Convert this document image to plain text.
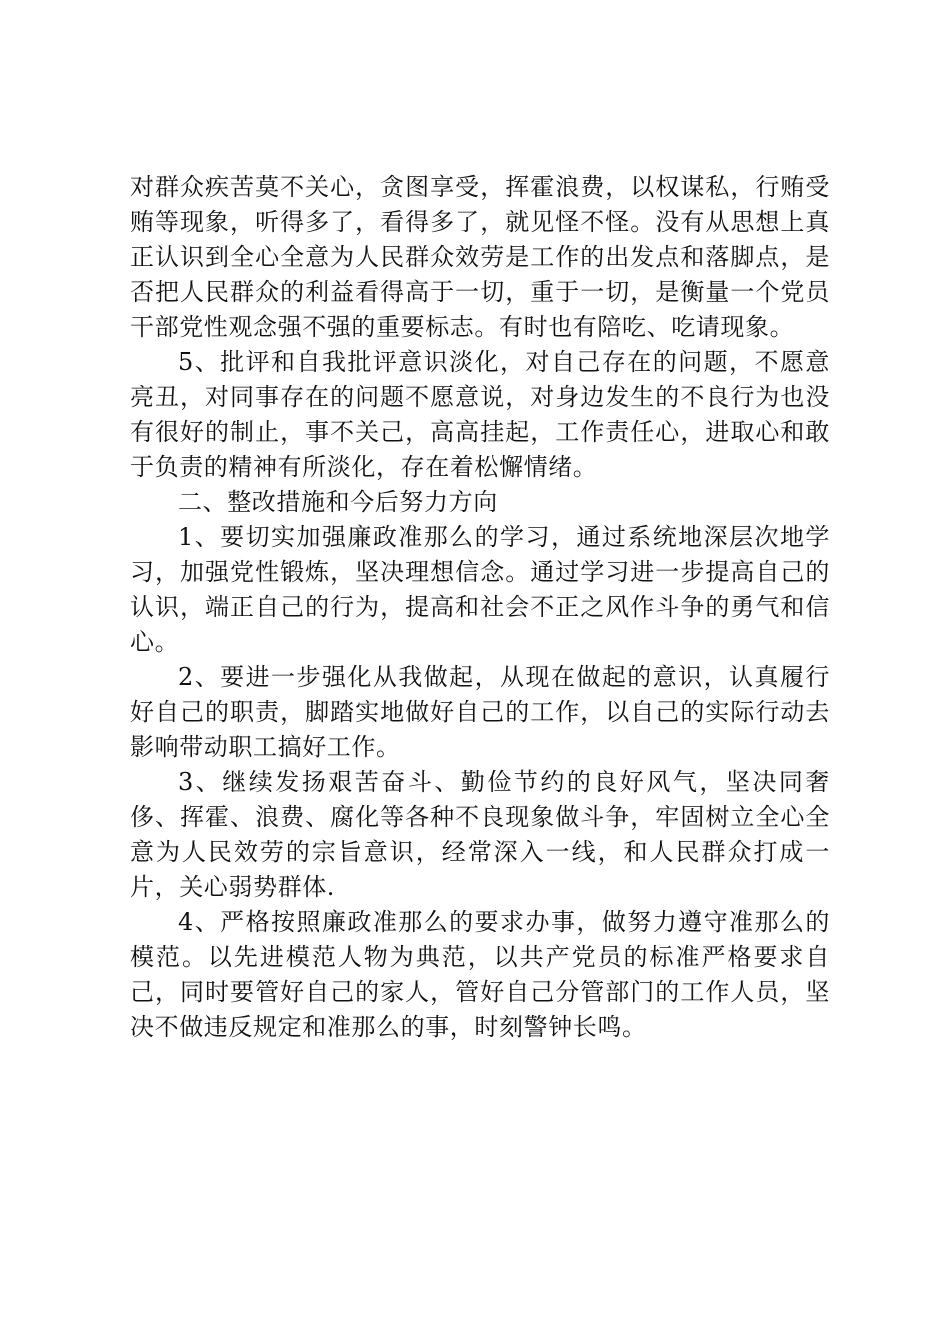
对群众疾苦莫不关心，贪图享受，挥霍浪费，以权谋私，行贿受贿等现象，听得多了，看得多了，就见怪不怪。没有从思想上真正认识到全心全意为人民群众效劳是工作的出发点和落脚点，是否把人民群众的利益看得高于一切，重于一切，是衡量一个党员干部党性观念强不强的重要标志。有时也有陪吃、吃请现象。

5、批评和自我批评意识淡化，对自己存在的问题，不愿意亮丑，对同事存在的问题不愿意说，对身边发生的不良行为也没有很好的制止，事不关己，高高挂起，工作责任心，进取心和敢于负责的精神有所淡化，存在着松懈情绪。

二、整改措施和今后努力方向

1、要切实加强廉政准那么的学习，通过系统地深层次地学习，加强党性锻炼，坚决理想信念。通过学习进一步提高自己的认识，端正自己的行为，提高和社会不正之风作斗争的勇气和信心。

2、要进一步强化从我做起，从现在做起的意识，认真履行好自己的职责，脚踏实地做好自己的工作，以自己的实际行动去影响带动职工搞好工作。

3、继续发扬艰苦奋斗、勤俭节约的良好风气，坚决同奢侈、挥霍、浪费、腐化等各种不良现象做斗争，牢固树立全心全意为人民效劳的宗旨意识，经常深入一线，和人民群众打成一片，关心弱势群体.

4、严格按照廉政准那么的要求办事，做努力遵守准那么的模范。以先进模范人物为典范，以共产党员的标准严格要求自己，同时要管好自己的家人，管好自己分管部门的工作人员，坚决不做违反规定和准那么的事，时刻警钟长鸣。
